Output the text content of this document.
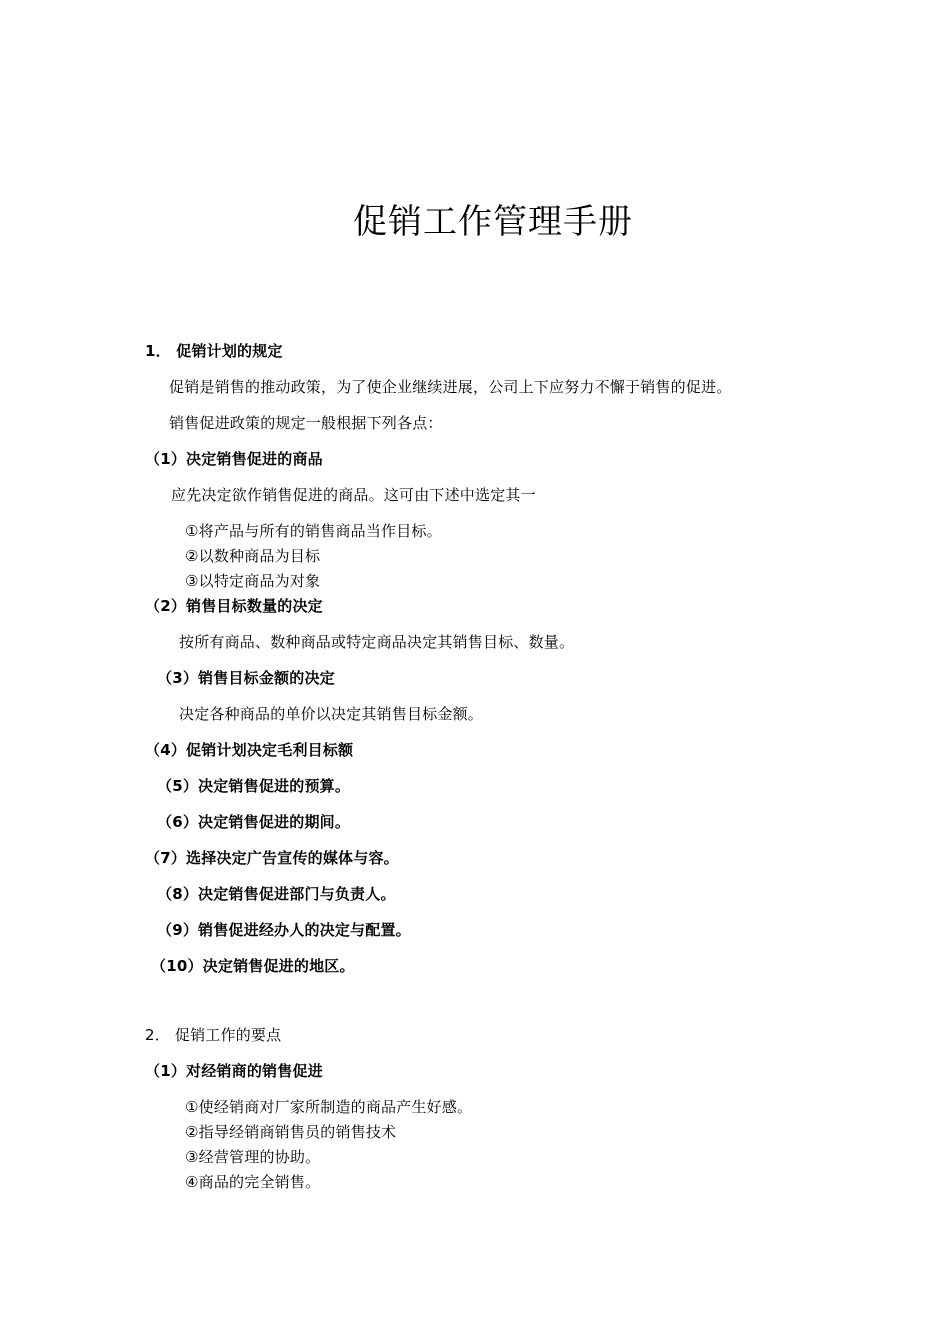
促销工作管理手册
1． 促销计划的规定
促销是销售的推动政策，为了使企业继续进展，公司上下应努力不懈于销售的促进。
销售促进政策的规定一般根据下列各点：
（1）决定销售促进的商品
应先决定欲作销售促进的商品。这可由下述中选定其一
①将产品与所有的销售商品当作目标。
②以数种商品为目标
③以特定商品为对象
（2）销售目标数量的决定
按所有商品、数种商品或特定商品决定其销售目标、数量。
（3）销售目标金额的决定
决定各种商品的单价以决定其销售目标金额。
（4）促销计划决定毛利目标额
（5）决定销售促进的预算。
（6）决定销售促进的期间。
（7）选择决定广告宣传的媒体与容。
（8）决定销售促进部门与负责人。
（9）销售促进经办人的决定与配置。
（10）决定销售促进的地区。
2． 促销工作的要点
（1）对经销商的销售促进
①使经销商对厂家所制造的商品产生好感。
②指导经销商销售员的销售技术
③经营管理的协助。
④商品的完全销售。
